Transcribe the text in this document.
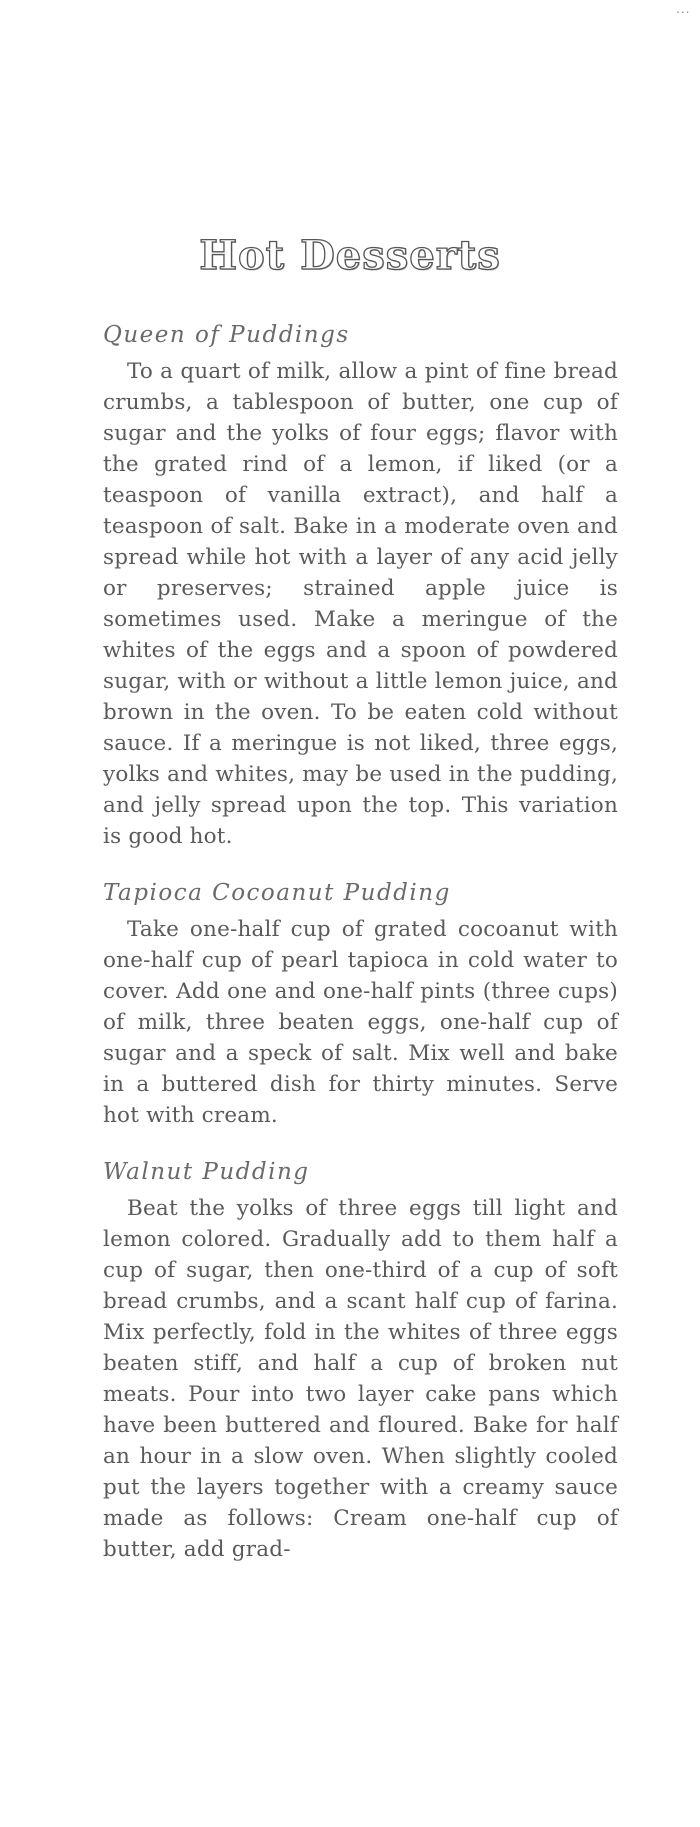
...
Hot Desserts
Queen of Puddings

To a quart of milk, allow a pint of fine bread crumbs, a tablespoon of butter, one cup of sugar and the yolks of four eggs; flavor with the grated rind of a lemon, if liked (or a teaspoon of vanilla extract), and half a teaspoon of salt. Bake in a moderate oven and spread while hot with a layer of any acid jelly or preserves; strained apple juice is sometimes used. Make a meringue of the whites of the eggs and a spoon of powdered sugar, with or without a little lemon juice, and brown in the oven. To be eaten cold without sauce. If a meringue is not liked, three eggs, yolks and whites, may be used in the pudding, and jelly spread upon the top. This variation is good hot.

Tapioca Cocoanut Pudding

Take one-half cup of grated cocoanut with one-half cup of pearl tapioca in cold water to cover. Add one and one-half pints (three cups) of milk, three beaten eggs, one-half cup of sugar and a speck of salt. Mix well and bake in a buttered dish for thirty minutes. Serve hot with cream.

Walnut Pudding

Beat the yolks of three eggs till light and lemon colored. Gradually add to them half a cup of sugar, then one-third of a cup of soft bread crumbs, and a scant half cup of farina. Mix perfectly, fold in the whites of three eggs beaten stiff, and half a cup of broken nut meats. Pour into two layer cake pans which have been buttered and floured. Bake for half an hour in a slow oven. When slightly cooled put the layers together with a creamy sauce made as follows: Cream one-half cup of butter, add grad-
